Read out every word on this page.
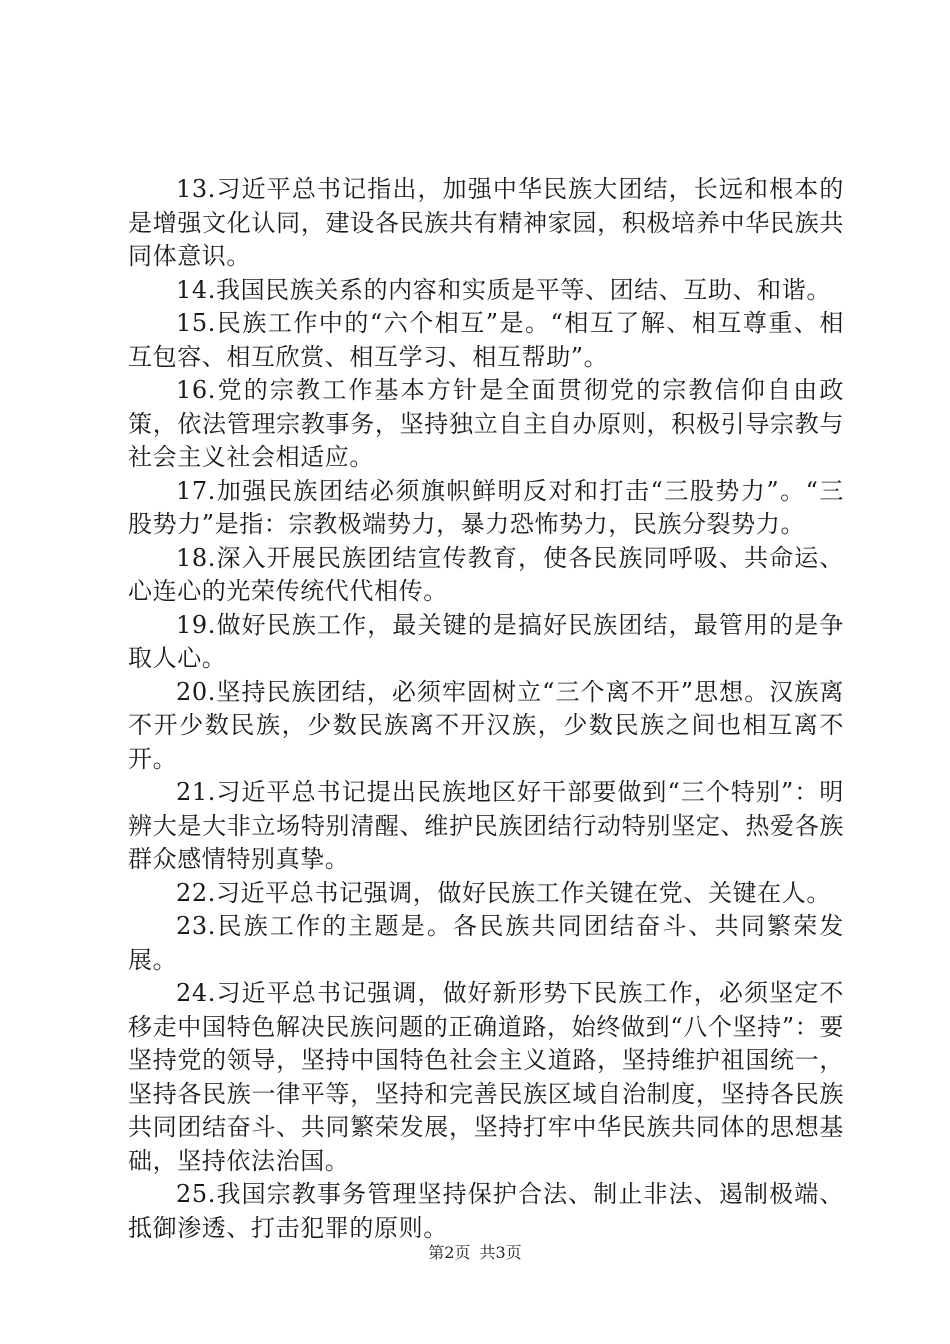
13.习近平总书记指出，加强中华民族大团结，长远和根本的是增强文化认同，建设各民族共有精神家园，积极培养中华民族共同体意识。

14.我国民族关系的内容和实质是平等、团结、互助、和谐。

15.民族工作中的“六个相互”是。“相互了解、相互尊重、相互包容、相互欣赏、相互学习、相互帮助”。

16.党的宗教工作基本方针是全面贯彻党的宗教信仰自由政策，依法管理宗教事务，坚持独立自主自办原则，积极引导宗教与社会主义社会相适应。

17.加强民族团结必须旗帜鲜明反对和打击“三股势力”。“三股势力”是指：宗教极端势力，暴力恐怖势力，民族分裂势力。

18.深入开展民族团结宣传教育，使各民族同呼吸、共命运、心连心的光荣传统代代相传。

19.做好民族工作，最关键的是搞好民族团结，最管用的是争取人心。

20.坚持民族团结，必须牢固树立“三个离不开”思想。汉族离不开少数民族，少数民族离不开汉族，少数民族之间也相互离不开。

21.习近平总书记提出民族地区好干部要做到“三个特别”：明辨大是大非立场特别清醒、维护民族团结行动特别坚定、热爱各族群众感情特别真挚。

22.习近平总书记强调，做好民族工作关键在党、关键在人。

23.民族工作的主题是。各民族共同团结奋斗、共同繁荣发展。

24.习近平总书记强调，做好新形势下民族工作，必须坚定不移走中国特色解决民族问题的正确道路，始终做到“八个坚持”：要坚持党的领导，坚持中国特色社会主义道路，坚持维护祖国统一，坚持各民族一律平等，坚持和完善民族区域自治制度，坚持各民族共同团结奋斗、共同繁荣发展，坚持打牢中华民族共同体的思想基础，坚持依法治国。

25.我国宗教事务管理坚持保护合法、制止非法、遏制极端、抵御渗透、打击犯罪的原则。

第2页 共3页
